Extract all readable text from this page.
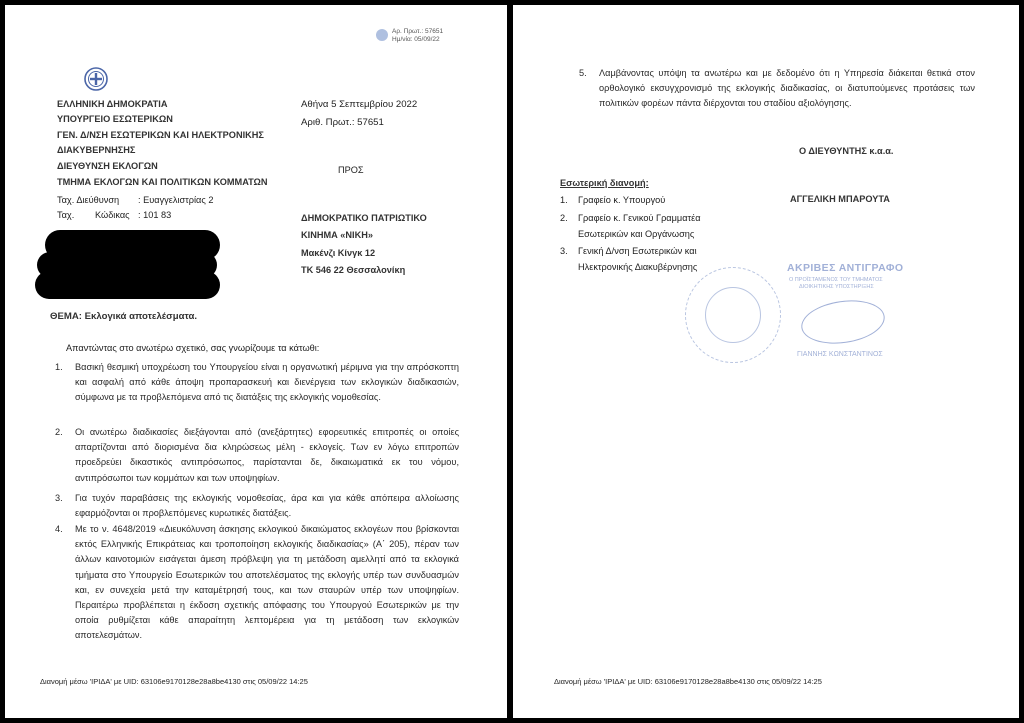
Αρ. Πρωτ.: 57651
Ημ/νία: 05/09/22
ΕΛΛΗΝΙΚΗ ΔΗΜΟΚΡΑΤΙΑ
ΥΠΟΥΡΓΕΙΟ ΕΣΩΤΕΡΙΚΩΝ
ΓΕΝ. Δ/ΝΣΗ ΕΣΩΤΕΡΙΚΩΝ ΚΑΙ ΗΛΕΚΤΡΟΝΙΚΗΣ
ΔΙΑΚΥΒΕΡΝΗΣΗΣ
ΔΙΕΥΘΥΝΣΗ ΕΚΛΟΓΩΝ
ΤΜΗΜΑ ΕΚΛΟΓΩΝ ΚΑΙ ΠΟΛΙΤΙΚΩΝ ΚΟΜΜΑΤΩΝ
Ταχ. Διεύθυνση : Ευαγγελιστρίας 2
Ταχ. Κώδικας : 101 83
Αθήνα 5 Σεπτεμβρίου 2022
Αριθ. Πρωτ.: 57651
ΠΡΟΣ
ΔΗΜΟΚΡΑΤΙΚΟ ΠΑΤΡΙΩΤΙΚΟ
ΚΙΝΗΜΑ «ΝΙΚΗ»
Μακένζι Κίνγκ 12
ΤΚ 546 22 Θεσσαλονίκη
ΘΕΜΑ: Εκλογικά αποτελέσματα.
Απαντώντας στο ανωτέρω σχετικό, σας γνωρίζουμε τα κάτωθι:
1. Βασική θεσμική υποχρέωση του Υπουργείου είναι η οργανωτική μέριμνα για την απρόσκοπτη και ασφαλή από κάθε άποψη προπαρασκευή και διενέργεια των εκλογικών διαδικασιών, σύμφωνα με τα προβλεπόμενα από τις διατάξεις της εκλογικής νομοθεσίας.
2. Οι ανωτέρω διαδικασίες διεξάγονται από (ανεξάρτητες) εφορευτικές επιτροπές οι οποίες απαρτίζονται από διορισμένα δια κληρώσεως μέλη - εκλογείς. Των εν λόγω επιτροπών προεδρεύει δικαστικός αντιπρόσωπος, παρίστανται δε, δικαιωματικά εκ του νόμου, αντιπρόσωποι των κομμάτων και των υποψηφίων.
3. Για τυχόν παραβάσεις της εκλογικής νομοθεσίας, άρα και για κάθε απόπειρα αλλοίωσης εφαρμόζονται οι προβλεπόμενες κυρωτικές διατάξεις.
4. Με το ν. 4648/2019 «Διευκόλυνση άσκησης εκλογικού δικαιώματος εκλογέων που βρίσκονται εκτός Ελληνικής Επικράτειας και τροποποίηση εκλογικής διαδικασίας» (Α΄ 205), πέραν των άλλων καινοτομιών εισάγεται άμεση πρόβλεψη για τη μετάδοση αμελλητί από τα εκλογικά τμήματα στο Υπουργείο Εσωτερικών του αποτελέσματος της εκλογής υπέρ των συνδυασμών και, εν συνεχεία μετά την καταμέτρησή τους, και των σταυρών υπέρ των υποψηφίων. Περαιτέρω προβλέπεται η έκδοση σχετικής απόφασης του Υπουργού Εσωτερικών με την οποία ρυθμίζεται κάθε απαραίτητη λεπτομέρεια για τη μετάδοση των εκλογικών αποτελεσμάτων.
Διανομή μέσω 'ΙΡΙΔΑ' με UID: 63106e9170128e28a8be4130 στις 05/09/22 14:25
5. Λαμβάνοντας υπόψη τα ανωτέρω και με δεδομένο ότι η Υπηρεσία διάκειται θετικά στον ορθολογικό εκσυγχρονισμό της εκλογικής διαδικασίας, οι διατυπούμενες προτάσεις των πολιτικών φορέων πάντα διέρχονται του σταδίου αξιολόγησης.
Ο ΔΙΕΥΘΥΝΤΗΣ κ.α.α.
Εσωτερική διανομή:
ΑΓΓΕΛΙΚΗ ΜΠΑΡΟΥΤΑ
1. Γραφείο κ. Υπουργού
2. Γραφείο κ. Γενικού Γραμματέα
Εσωτερικών και Οργάνωσης
3. Γενική Δ/νση Εσωτερικών και
Ηλεκτρονικής Διακυβέρνησης	ΑΚΡΙΒΕΣ ΑΝΤΙΓΡΑΦΟ
Ο ΠΡΟΪΣΤΑΜΕΝΟΣ ΤΟΥ ΤΜΗΜΑΤΟΣ
ΔΙΟΙΚΗΤΙΚΗΣ ΥΠΟΣΤΗΡΙΞΗΣ
ΓΙΑΝΝΗΣ ΚΩΝΣΤΑΝΤΙΝΟΣ
Διανομή μέσω 'ΙΡΙΔΑ' με UID: 63106e9170128e28a8be4130 στις 05/09/22 14:25
